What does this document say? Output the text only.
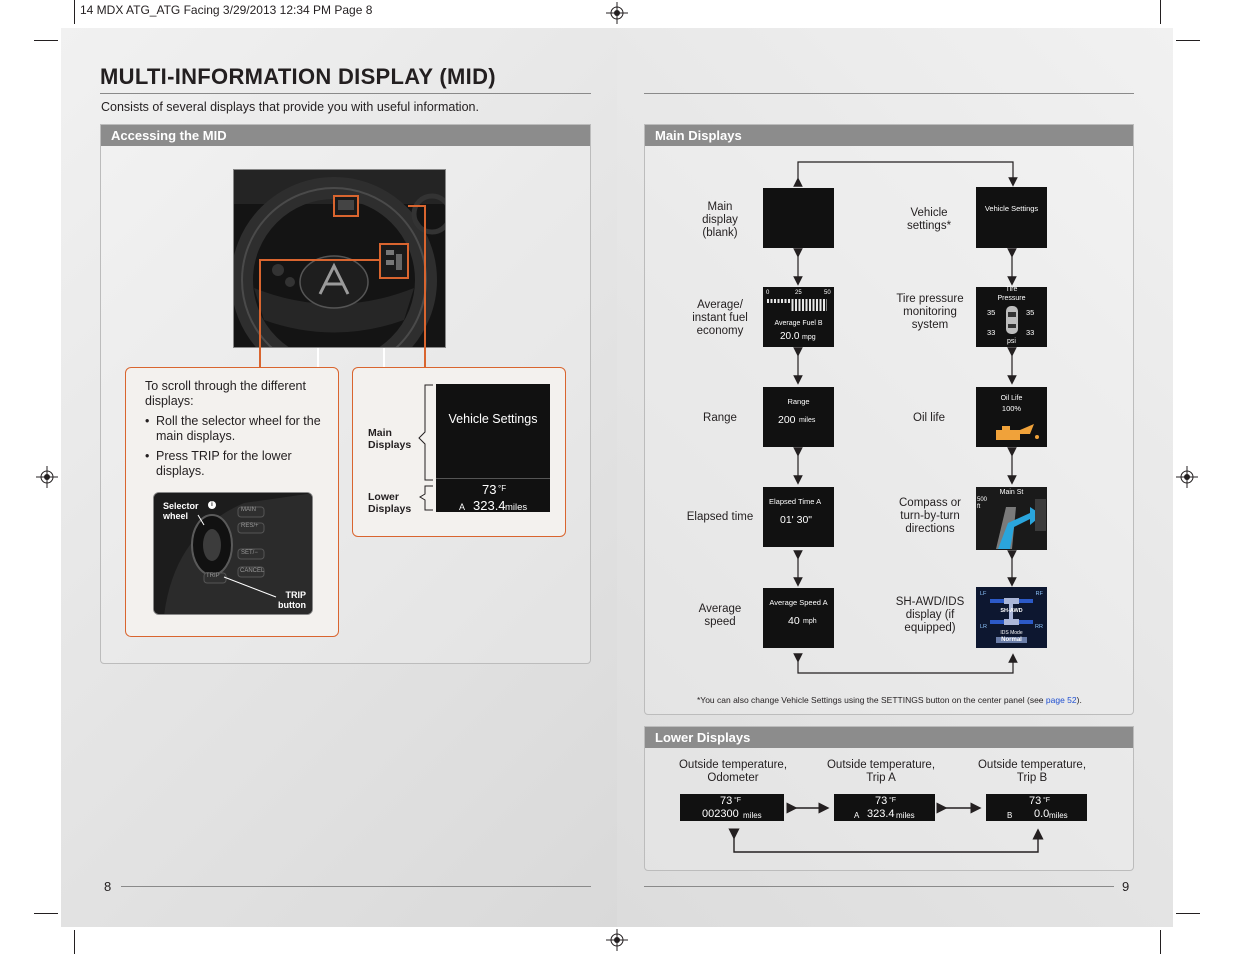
14 MDX ATG_ATG Facing 3/29/2013 12:34 PM Page 8
MULTI-INFORMATION DISPLAY (MID)

Consists of several displays that provide you with useful information.

Accessing the MID

To scroll through the different displays:

• Roll the selector wheel for the main displays.
• Press TRIP for the lower displays.
MAIN
RES/+
SET/−
CANCEL
TRIP
Selector wheel
i
TRIP button
Main Displays
Lower Displays
Vehicle Settings
73 °F
A 323.4 miles
8
Main Displays
Main display (blank)
Average/ instant fuel economy
0	25	50
Average Fuel B
20.0 mpg
Range
Range
200 miles
Elapsed time
Elapsed Time A
01' 30"
Average speed
Average Speed A
40 mph
Vehicle settings*
Vehicle Settings
Tire pressure monitoring system
Tire Pressure
35	35
33	33
psi
Oil life
Oil Life
100%
Compass or turn-by-turn directions
Main St
500 ft
SH-AWD/IDS display (if equipped)
LF	RF
LR	RR
SH-AWD
IDS Mode
Normal

*You can also change Vehicle Settings using the SETTINGS button on the center panel (see page 52).

Lower Displays
Outside temperature, Odometer
Outside temperature, Trip A
Outside temperature, Trip B
73 °F
002300 miles
73 °F
A 323.4 miles
73 °F
B 0.0 miles
9
